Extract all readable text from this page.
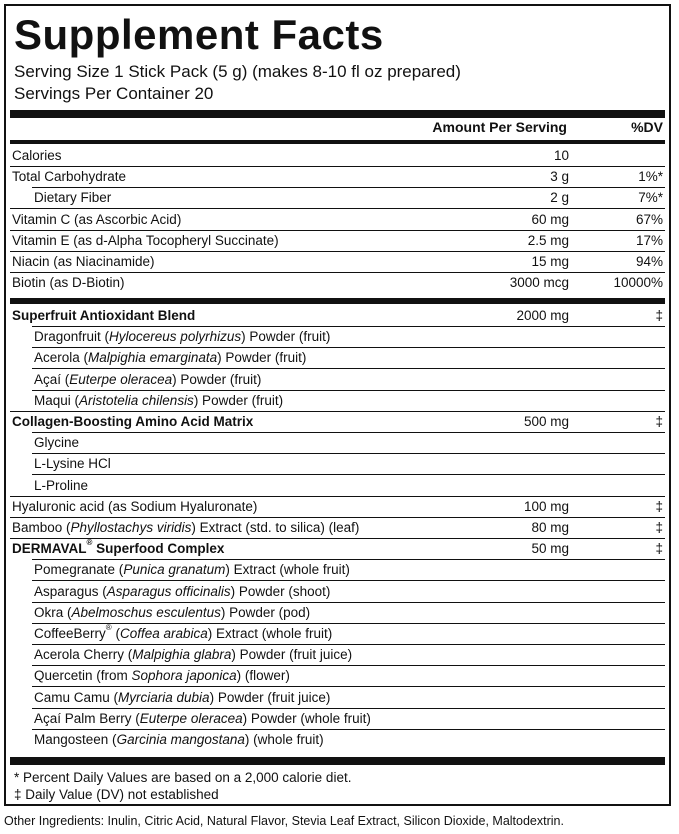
Supplement Facts
Serving Size 1 Stick Pack (5 g) (makes 8-10 fl oz prepared)
Servings Per Container 20
Amount Per Serving	%DV
Calories	10
Total Carbohydrate	3 g	1%*
Dietary Fiber	2 g	7%*
Vitamin C (as Ascorbic Acid)	60 mg	67%
Vitamin E (as d-Alpha Tocopheryl Succinate)	2.5 mg	17%
Niacin (as Niacinamide)	15 mg	94%
Biotin (as D-Biotin)	3000 mcg	10000%
Superfruit Antioxidant Blend	2000 mg	‡
Dragonfruit (Hylocereus polyrhizus) Powder (fruit)
Acerola (Malpighia emarginata) Powder (fruit)
Açaí (Euterpe oleracea) Powder (fruit)
Maqui (Aristotelia chilensis) Powder (fruit)
Collagen-Boosting Amino Acid Matrix	500 mg	‡
Glycine
L-Lysine HCl
L-Proline
Hyaluronic acid (as Sodium Hyaluronate)	100 mg	‡
Bamboo (Phyllostachys viridis) Extract (std. to silica) (leaf)	80 mg	‡
DERMAVAL® Superfood Complex	50 mg	‡
Pomegranate (Punica granatum) Extract (whole fruit)
Asparagus (Asparagus officinalis) Powder (shoot)
Okra (Abelmoschus esculentus) Powder (pod)
CoffeeBerry® (Coffea arabica) Extract (whole fruit)
Acerola Cherry (Malpighia glabra) Powder (fruit juice)
Quercetin (from Sophora japonica) (flower)
Camu Camu (Myrciaria dubia) Powder (fruit juice)
Açaí Palm Berry (Euterpe oleracea) Powder (whole fruit)
Mangosteen (Garcinia mangostana) (whole fruit)
* Percent Daily Values are based on a 2,000 calorie diet.
‡ Daily Value (DV) not established
Other Ingredients: Inulin, Citric Acid, Natural Flavor, Stevia Leaf Extract, Silicon Dioxide, Maltodextrin.
